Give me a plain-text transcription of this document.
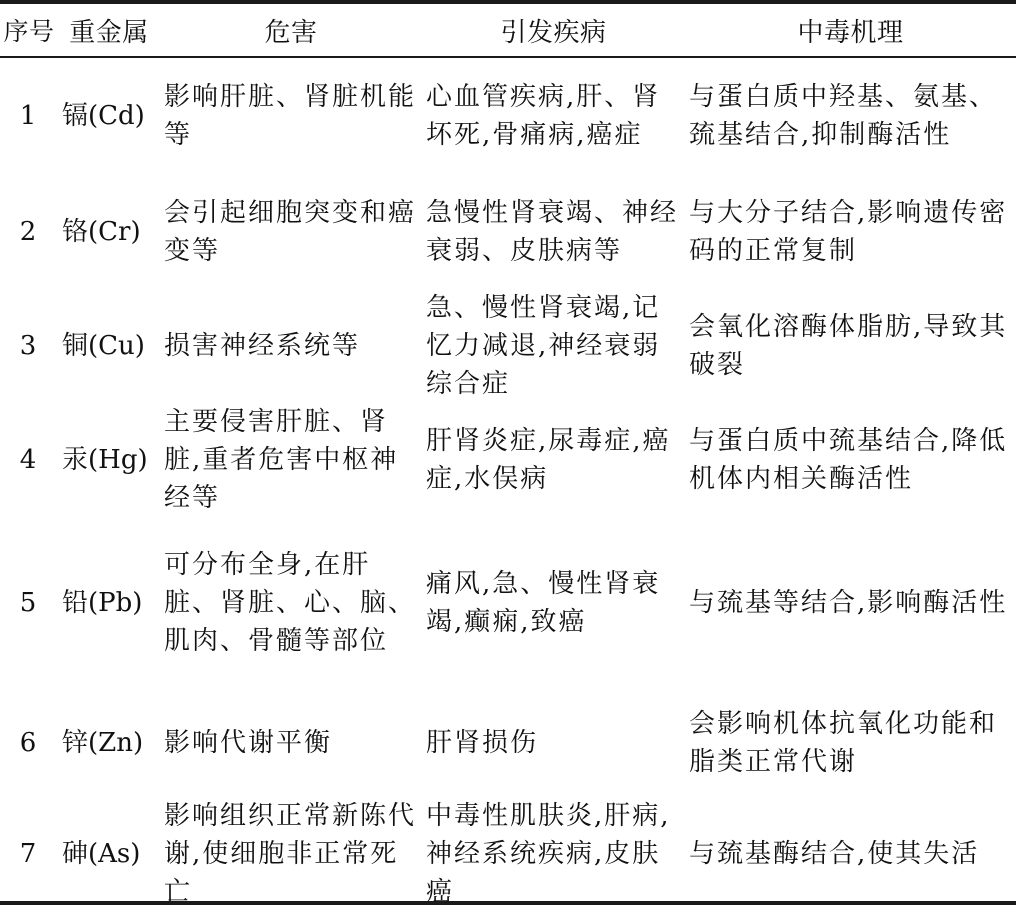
序号	重金属	危害	引发疾病	中毒机理
1	镉(Cd)	影响肝脏、肾脏机能等	心血管疾病,肝、肾坏死,骨痛病,癌症	与蛋白质中羟基、氨基、巯基结合,抑制酶活性
2	铬(Cr)	会引起细胞突变和癌变等	急慢性肾衰竭、神经衰弱、皮肤病等	与大分子结合,影响遗传密码的正常复制
3	铜(Cu)	损害神经系统等	急、慢性肾衰竭,记忆力减退,神经衰弱综合症	会氧化溶酶体脂肪,导致其破裂
4	汞(Hg)	主要侵害肝脏、肾脏,重者危害中枢神经等	肝肾炎症,尿毒症,癌症,水俣病	与蛋白质中巯基结合,降低机体内相关酶活性
5	铅(Pb)	可分布全身,在肝脏、肾脏、心、脑、肌肉、骨髓等部位	痛风,急、慢性肾衰竭,癫痫,致癌	与巯基等结合,影响酶活性
6	锌(Zn)	影响代谢平衡	肝肾损伤	会影响机体抗氧化功能和脂类正常代谢
7	砷(As)	影响组织正常新陈代谢,使细胞非正常死亡	中毒性肌肤炎,肝病,神经系统疾病,皮肤癌	与巯基酶结合,使其失活
